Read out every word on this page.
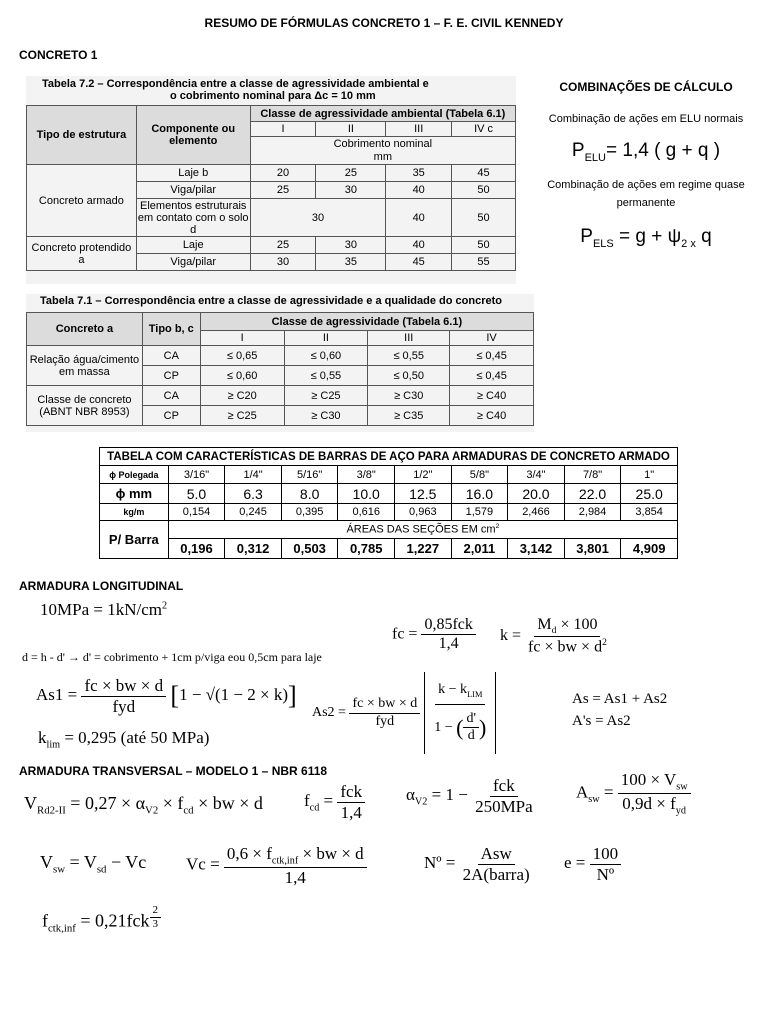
RESUMO DE FÓRMULAS CONCRETO 1 – F. E. CIVIL KENNEDY
CONCRETO 1
Tabela 7.2 – Correspondência entre a classe de agressividade ambiental e
o cobrimento nominal para Δc = 10 mm
Tipo de estrutura	Componente ou elemento	Classe de agressividade ambiental (Tabela 6.1)			
		I	II	III	IV c

		Cobrimento nominal
mm			

Concreto armado	Laje b	20	25	35	45
	Viga/pilar	25	30	40	50
	Elementos estruturais em contato com o solo d	30		40	50
Concreto protendido a	Laje	25	30	40	50
	Viga/pilar	30	35	45	55
COMBINAÇÕES DE CÁLCULO
Combinação de ações em ELU normais
$P_{ELU}= 1,4$ ( g + q )
Combinação de ações em regime quase permanente
$P_{ELS} = g + \psi_{2 x}$ q
Tabela 7.1 – Correspondência entre a classe de agressividade e a qualidade do concreto
Concreto a	Tipo b, c	Classe de agressividade (Tabela 6.1)			
		I	II	III	IV
Relação água/cimento em massa	CA	≤ 0,65	≤ 0,60	≤ 0,55	≤ 0,45
	CP	≤ 0,60	≤ 0,55	≤ 0,50	≤ 0,45
Classe de concreto (ABNT NBR 8953)	CA	≥ C20	≥ C25	≥ C30	≥ C40
	CP	≥ C25	≥ C30	≥ C35	≥ C40
TABELA COM CARACTERÍSTICAS DE BARRAS DE AÇO PARA ARMADURAS DE CONCRETO ARMADO									
ϕ Polegada	3/16"	1/4"	5/16"	3/8"	1/2"	5/8"	3/4"	7/8"	1"
ϕ mm	5.0	6.3	8.0	10.0	12.5	16.0	20.0	22.0	25.0
kg/m	0,154	0,245	0,395	0,616	0,963	1,579	2,466	2,984	3,854
P/ Barra	ÁREAS DAS SEÇÕES EM $cm^2$
	0,196	0,312	0,503	0,785	1,227	2,011	3,142	3,801	4,909
ARMADURA LONGITUDINAL
$10MPa = 1kN/cm^2$
fc = $\frac{\text{0,85fck}}{1,4}$ $k = \frac{M_d \times 100}{fc \times bw \times d^2}$
d = h - d' → d' = cobrimento + 1cm p/viga eou 0,5cm para laje
$As1 = \frac{fc \times bw \times d}{\text{fyd}} [1 - √(1 - 2 \times k)]$
$As2 = \frac{fc \times bw \times d}{\text{fyd}} \frac{k - k_{LIM}}{1 - ( \frac{d'}{d} )}$	As = As1 + As2
A's = As2
$k_{lim} = 0,295$ (até 50 MPa)
ARMADURA TRANSVERSAL – MODELO 1 – NBR 6118
$V_{Rd2-II} = 0,27 \times \alpha_{V2} \times f_{cd}$ × bw × d $f_{cd} = \frac{\text{fck}}{1,4} \alpha_{V2} = 1 - \frac{\text{fck}}{\text{250MPa}} A_{sw} = \frac{100 \times V_{sw}}{0,9d \times f_{yd}}$
$V_{sw} = V_{sd} - Vc$ $Vc = \frac{0,6 \times f_{ctk,inf} \times bw \times d}{1,4}$	Nº = $\frac{\text{Asw}}{\text{2A(barra)}}$ $e = \frac{100}{\text{Nº}}$
$f_{ctk,inf} = 0,21fck$ $^{\frac{2}{3}}$
